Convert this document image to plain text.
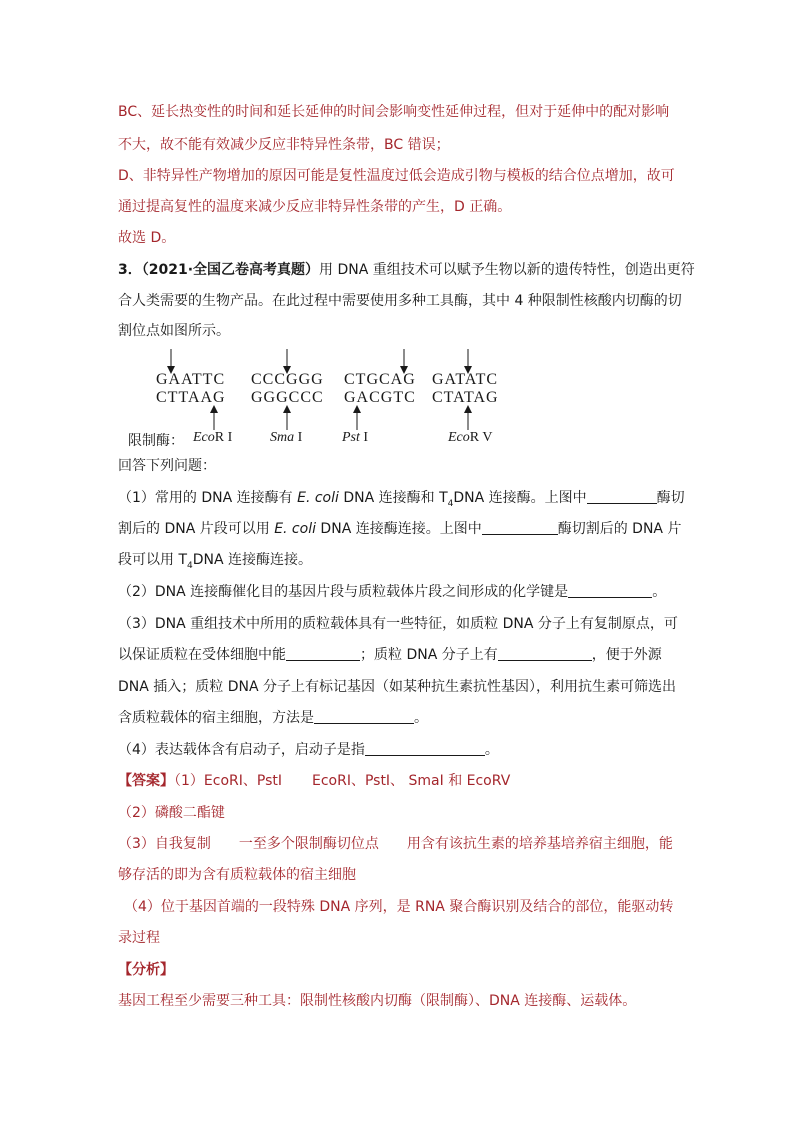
BC、延长热变性的时间和延长延伸的时间会影响变性延伸过程，但对于延伸中的配对影响
不大，故不能有效减少反应非特异性条带，BC 错误；
D、非特异性产物增加的原因可能是复性温度过低会造成引物与模板的结合位点增加，故可
通过提高复性的温度来减少反应非特异性条带的产生，D 正确。
故选 D。
3．（2021·全国乙卷高考真题）用 DNA 重组技术可以赋予生物以新的遗传特性，创造出更符
合人类需要的生物产品。在此过程中需要使用多种工具酶，其中 4 种限制性核酸内切酶的切
割位点如图所示。
GAATTC
CTTAAG
CCCGGG
GGGCCC
CTGCAG
GACGTC
GATATC
CTATAG
限制酶： EcoR I	Sma I	Pst I	EcoR V
回答下列问题：
（1）常用的 DNA 连接酶有 E. coli DNA 连接酶和 $T_4DNA$ 连接酶。上图中	酶切
割后的 DNA 片段可以用 E. coli DNA 连接酶连接。上图中	酶切割后的 DNA 片
段可以用 $T_4DNA$ 连接酶连接。
（2）DNA 连接酶催化目的基因片段与质粒载体片段之间形成的化学键是	。
（3）DNA 重组技术中所用的质粒载体具有一些特征，如质粒 DNA 分子上有复制原点，可
以保证质粒在受体细胞中能	；质粒 DNA 分子上有	，便于外源
DNA 插入；质粒 DNA 分子上有标记基因（如某种抗生素抗性基因），利用抗生素可筛选出
含质粒载体的宿主细胞，方法是	。
（4）表达载体含有启动子，启动子是指	。
【答案】（1）EcoRI、PstI EcoRI、PstI、 SmaI 和 EcoRV
（2）磷酸二酯键
（3）自我复制 一至多个限制酶切位点 用含有该抗生素的培养基培养宿主细胞，能
够存活的即为含有质粒载体的宿主细胞
（4）位于基因首端的一段特殊 DNA 序列，是 RNA 聚合酶识别及结合的部位，能驱动转
录过程
【分析】
基因工程至少需要三种工具：限制性核酸内切酶（限制酶）、DNA 连接酶、运载体。
